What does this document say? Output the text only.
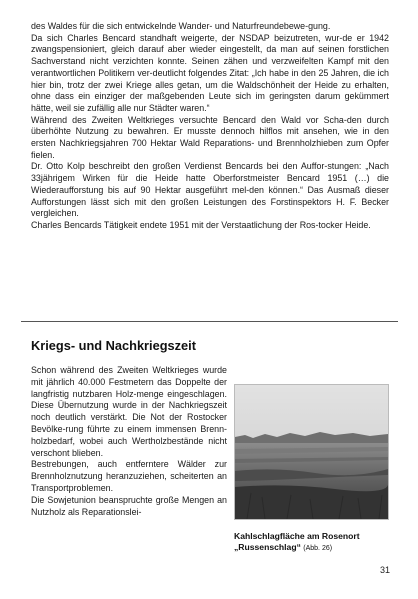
des Waldes für die sich entwickelnde Wander- und Naturfreundebewe-gung.

Da sich Charles Bencard standhaft weigerte, der NSDAP beizutreten, wur-de er 1942 zwangspensioniert, gleich darauf aber wieder eingestellt, da man auf seinen forstlichen Sachverstand nicht verzichten konnte. Seinen zähen und verzweifelten Kampf mit den verantwortlichen Politikern ver-deutlicht folgendes Zitat: „Ich habe in den 25 Jahren, die ich hier bin, trotz der zwei Kriege alles getan, um die Waldschönheit der Heide zu erhalten, ohne dass ein einziger der maßgebenden Leute sich im geringsten darum gekümmert hätte, weil sie zufällig alle nur Städter waren.“

Während des Zweiten Weltkrieges versuchte Bencard den Wald vor Scha-den durch überhöhte Nutzung zu bewahren. Er musste dennoch hilflos mit ansehen, wie in den ersten Nachkriegsjahren 700 Hektar Wald Reparations- und Brennholzhieben zum Opfer fielen.

Dr. Otto Kolp beschreibt den großen Verdienst Bencards bei den Auffor-stungen: „Nach 33jährigem Wirken für die Heide hatte Oberforstmeister Bencard 1951 (…) die Wiederaufforstung bis auf 90 Hektar ausgeführt mel-den können.“ Das Ausmaß dieser Aufforstungen lässt sich mit den großen Leistungen des Forstinspektors H. F. Becker vergleichen.

Charles Bencards Tätigkeit endete 1951 mit der Verstaatlichung der Ros-tocker Heide.

Kriegs- und Nachkriegszeit

Schon während des Zweiten Weltkrieges wurde mit jährlich 40.000 Festmetern das Doppelte der langfristig nutzbaren Holz-menge eingeschlagen. Diese Übernutzung wurde in der Nachkriegszeit noch deutlich verstärkt. Die Not der Rostocker Bevölke-rung führte zu einem immensen Brenn-holzbedarf, wobei auch Wertholzbestände nicht verschont blieben.

Bestrebungen, auch entferntere Wälder zur Brennholznutzung heranzuziehen, scheiterten an Transportproblemen.

Die Sowjetunion beanspruchte große Mengen an Nutzholz als Reparationslei-

Kahlschlagfläche am Rosenort
„Russenschlag“ (Abb. 26)
31
